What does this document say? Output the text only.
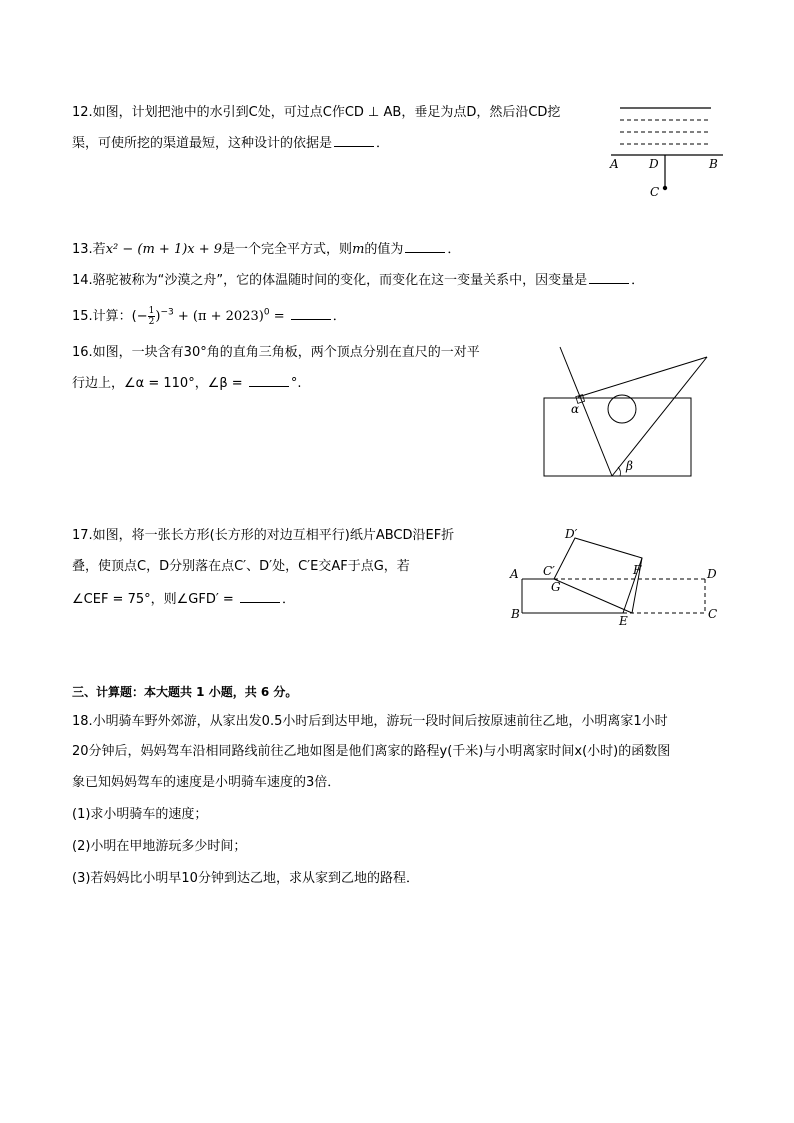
12.如图，计划把池中的水引到C处，可过点C作CD ⊥ AB，垂足为点D，然后沿CD挖
渠，可使所挖的渠道最短，这种设计的依据是	．
A	D	B
C
13.若x² − (m + 1)x + 9是一个完全平方式，则m的值为	．
14.骆驼被称为“沙漠之舟”，它的体温随时间的变化，而变化在这一变量关系中，因变量是	．
15.计算：(− $\frac{1}{2} )^{-3} + (\pi + 2023)^0$ =	．
16.如图，一块含有30°角的直角三角板，两个顶点分别在直尺的一对平
行边上，∠α = 110°，∠β =	°.
α
β
17.如图，将一张长方形(长方形的对边互相平行)纸片ABCD沿EF折
叠，使顶点C，D分别落在点C′、D′处，C′E交AF于点G，若
∠CEF = 75°，则∠GFD′ =	．
D′
C′
A
G
F	D
B	E	C
三、计算题：本大题共 1 小题，共 6 分。
18.小明骑车野外郊游，从家出发0.5小时后到达甲地，游玩一段时间后按原速前往乙地，小明离家1小时
20分钟后，妈妈驾车沿相同路线前往乙地如图是他们离家的路程y(千米)与小明离家时间x(小时)的函数图
象已知妈妈驾车的速度是小明骑车速度的3倍．
(1)求小明骑车的速度；
(2)小明在甲地游玩多少时间；
(3)若妈妈比小明早10分钟到达乙地，求从家到乙地的路程．
